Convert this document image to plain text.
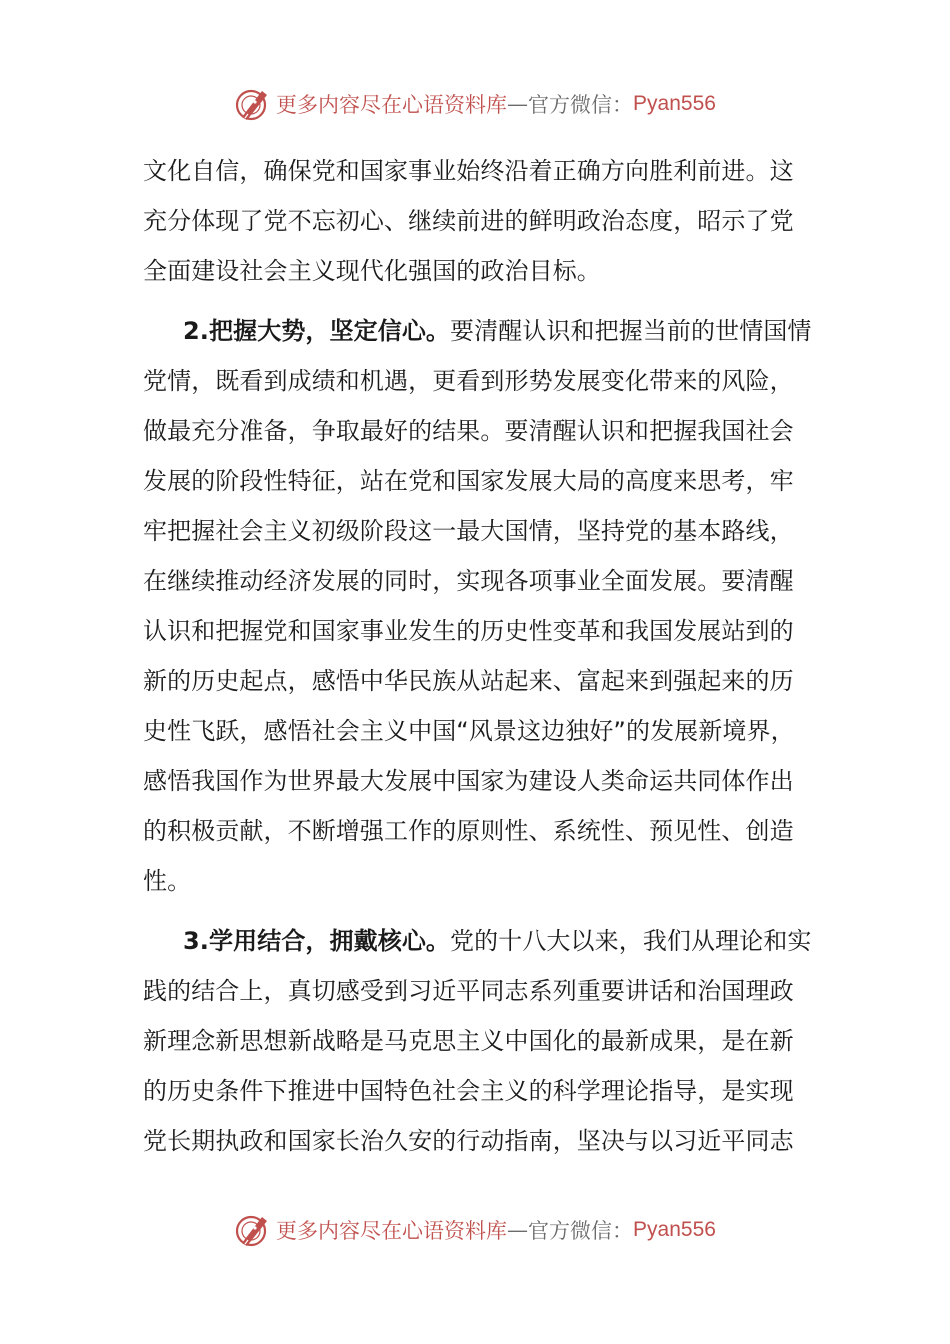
更多内容尽在心语资料库 — 官方微信： Pyan556
文化自信，确保党和国家事业始终沿着正确方向胜利前进。这
充分体现了党不忘初心、继续前进的鲜明政治态度，昭示了党
全面建设社会主义现代化强国的政治目标。
2.把握大势，坚定信心。要清醒认识和把握当前的世情国情
党情，既看到成绩和机遇，更看到形势发展变化带来的风险，
做最充分准备，争取最好的结果。要清醒认识和把握我国社会
发展的阶段性特征，站在党和国家发展大局的高度来思考，牢
牢把握社会主义初级阶段这一最大国情，坚持党的基本路线，
在继续推动经济发展的同时，实现各项事业全面发展。要清醒
认识和把握党和国家事业发生的历史性变革和我国发展站到的
新的历史起点，感悟中华民族从站起来、富起来到强起来的历
史性飞跃，感悟社会主义中国“风景这边独好”的发展新境界，
感悟我国作为世界最大发展中国家为建设人类命运共同体作出
的积极贡献，不断增强工作的原则性、系统性、预见性、创造
性。
3.学用结合，拥戴核心。党的十八大以来，我们从理论和实
践的结合上，真切感受到习近平同志系列重要讲话和治国理政
新理念新思想新战略是马克思主义中国化的最新成果，是在新
的历史条件下推进中国特色社会主义的科学理论指导，是实现
党长期执政和国家长治久安的行动指南，坚决与以习近平同志
更多内容尽在心语资料库 — 官方微信： Pyan556
